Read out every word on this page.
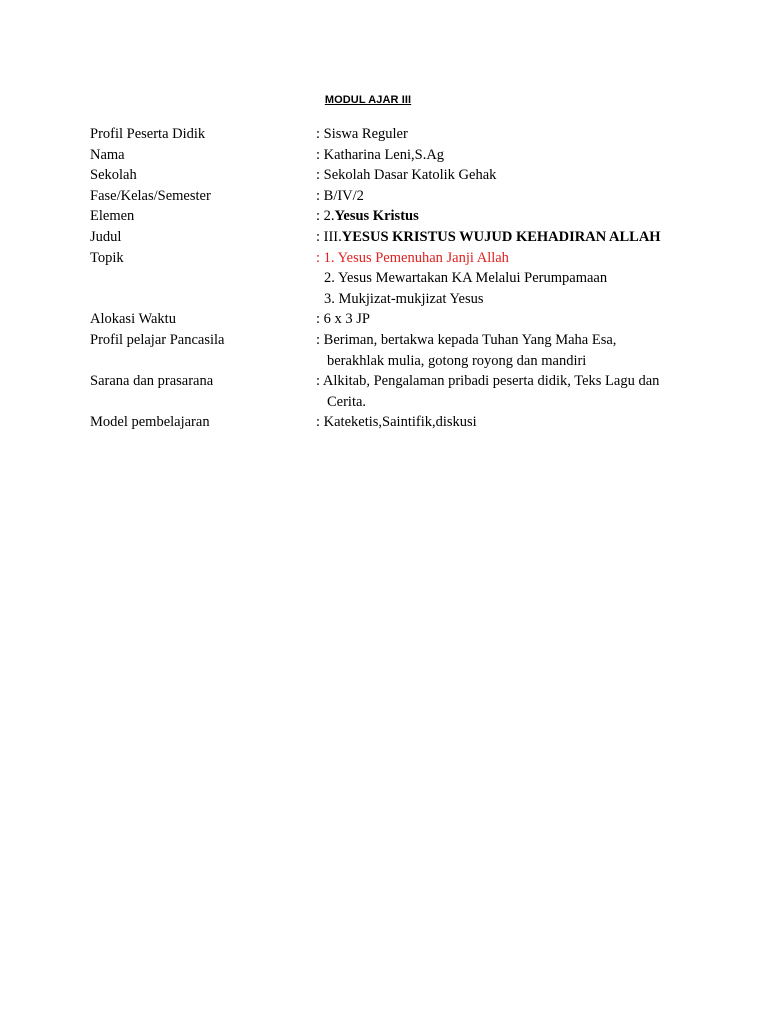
MODUL AJAR III
Profil Peserta Didik	: Siswa Reguler
Nama	: Katharina Leni,S.Ag
Sekolah	: Sekolah Dasar Katolik Gehak
Fase/Kelas/Semester	: B/IV/2
Elemen	: 2.Yesus Kristus
Judul	: III.YESUS KRISTUS WUJUD KEHADIRAN ALLAH
Topik	: 1. Yesus Pemenuhan Janji Allah
2. Yesus Mewartakan KA Melalui Perumpamaan
3. Mukjizat-mukjizat Yesus
Alokasi Waktu	: 6 x 3 JP
Profil pelajar Pancasila	: Beriman, bertakwa kepada Tuhan Yang Maha Esa,
berakhlak mulia, gotong royong dan mandiri
Sarana dan prasarana	: Alkitab, Pengalaman pribadi peserta didik, Teks Lagu dan
Cerita.
Model pembelajaran	: Kateketis,Saintifik,diskusi
